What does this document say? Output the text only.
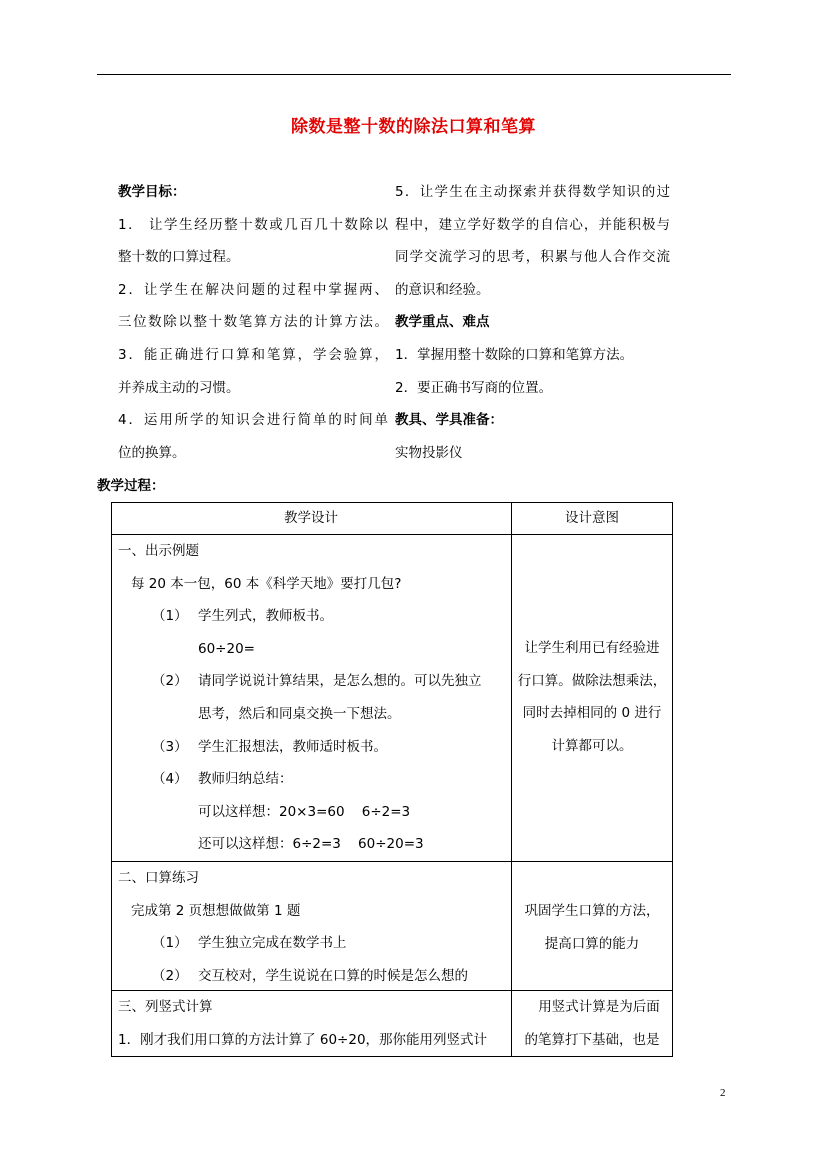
除数是整十数的除法口算和笔算

教学目标：

1． 让学生经历整十数或几百几十数除以

整十数的口算过程。

2．让学生在解决问题的过程中掌握两、

三位数除以整十数笔算方法的计算方法。

3．能正确进行口算和笔算，学会验算，

并养成主动的习惯。

4．运用所学的知识会进行简单的时间单

位的换算。

5．让学生在主动探索并获得数学知识的过

程中，建立学好数学的自信心，并能积极与

同学交流学习的思考，积累与他人合作交流

的意识和经验。

教学重点、难点

1．掌握用整十数除的口算和笔算方法。

2．要正确书写商的位置。

教具、学具准备：

实物投影仪

教学过程：
教学设计	设计意图

一、出示例题

每 20 本一包，60 本《科学天地》要打几包?

（1） 学生列式，教师板书。

60÷20=

（2） 请同学说说计算结果，是怎么想的。可以先独立

思考，然后和同桌交换一下想法。

（3） 学生汇报想法，教师适时板书。

（4） 教师归纳总结：

可以这样想：20×3=60    6÷2=3

还可以这样想：6÷2=3    60÷20=3

让学生利用已有经验进

行口算。做除法想乘法，

同时去掉相同的 0 进行

计算都可以。

二、口算练习

完成第 2 页想想做做第 1 题

（1） 学生独立完成在数学书上

（2） 交互校对，学生说说在口算的时候是怎么想的

巩固学生口算的方法，

提高口算的能力

三、列竖式计算

1．刚才我们用口算的方法计算了 60÷20，那你能用列竖式计

用竖式计算是为后面

的笔算打下基础，也是

2
